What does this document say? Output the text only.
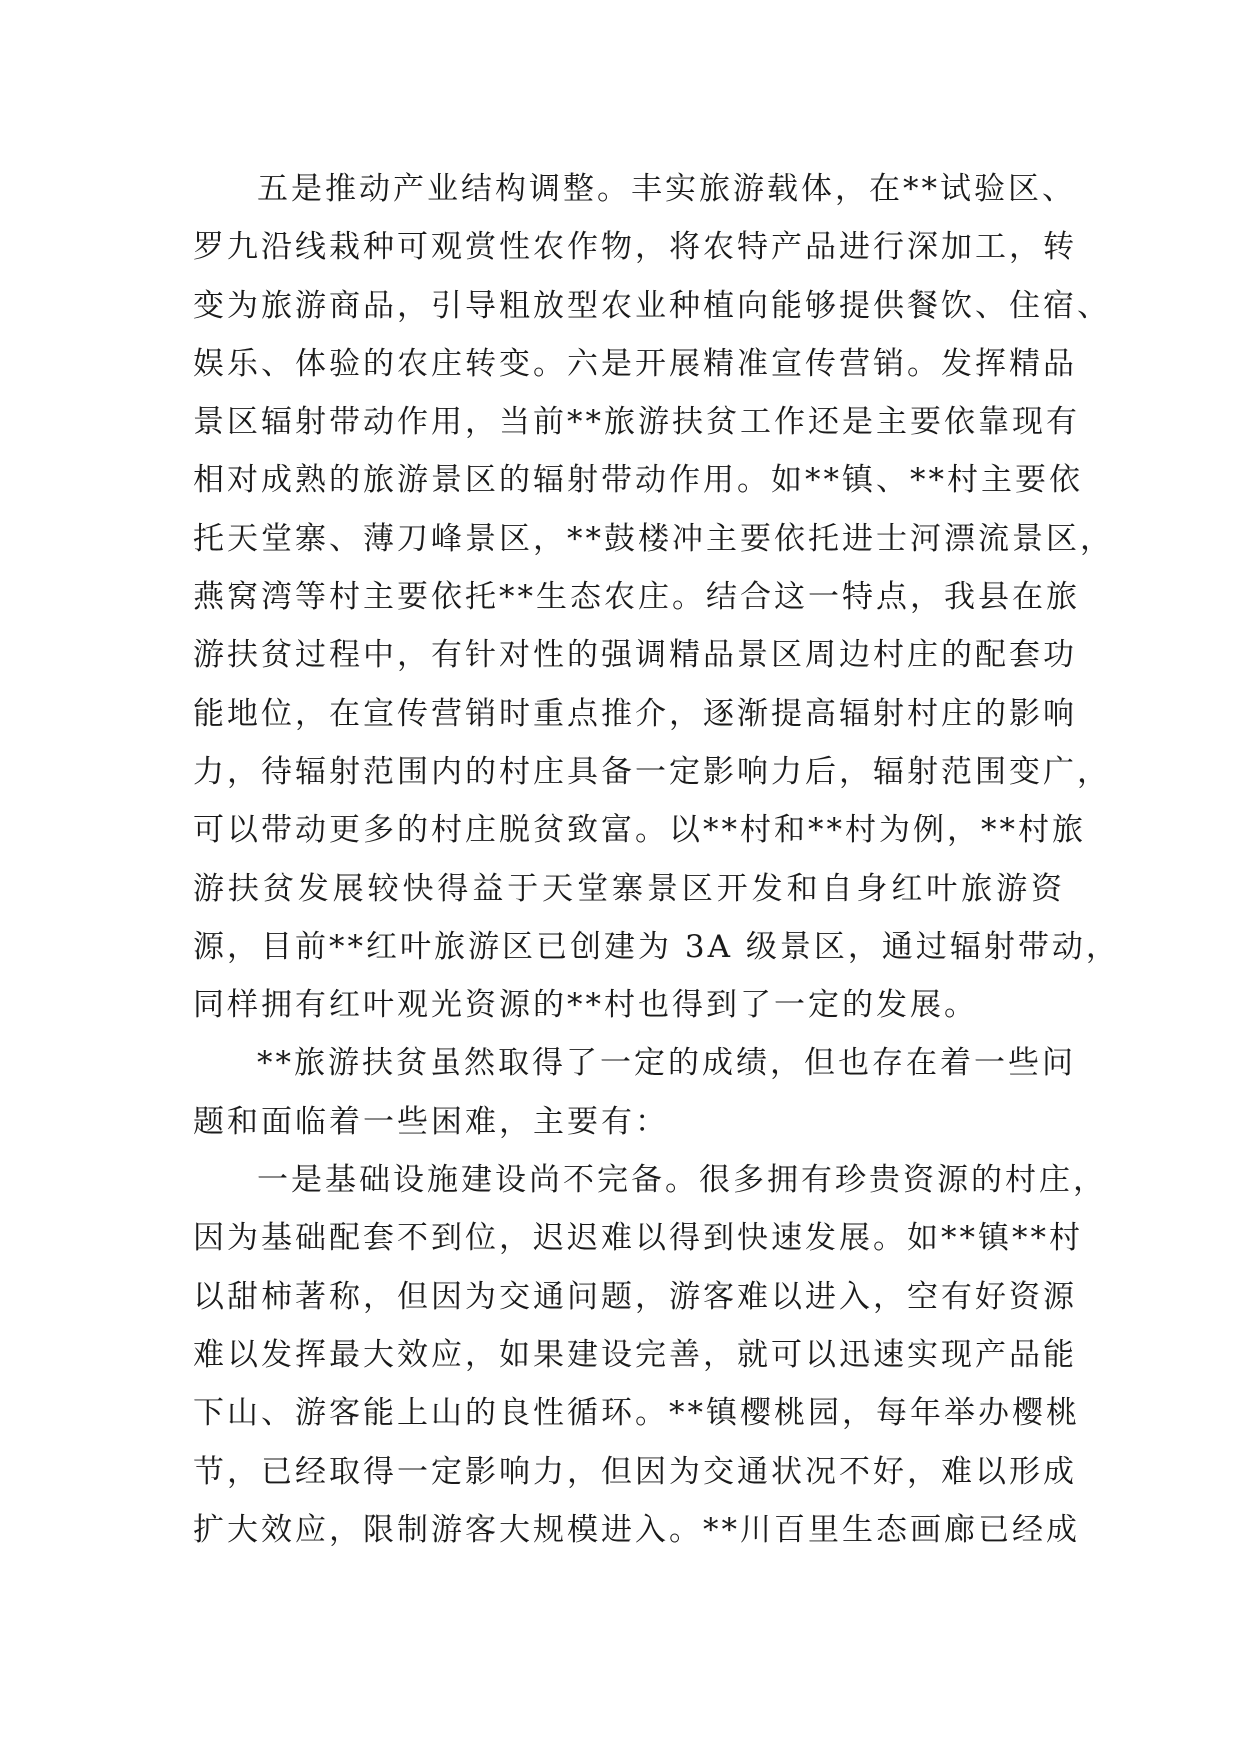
五是推动产业结构调整。丰实旅游载体，在**试验区、
罗九沿线栽种可观赏性农作物，将农特产品进行深加工，转
变为旅游商品，引导粗放型农业种植向能够提供餐饮、住宿、
娱乐、体验的农庄转变。六是开展精准宣传营销。发挥精品
景区辐射带动作用，当前**旅游扶贫工作还是主要依靠现有
相对成熟的旅游景区的辐射带动作用。如**镇、**村主要依
托天堂寨、薄刀峰景区，**鼓楼冲主要依托进士河漂流景区，
燕窝湾等村主要依托**生态农庄。结合这一特点，我县在旅
游扶贫过程中，有针对性的强调精品景区周边村庄的配套功
能地位，在宣传营销时重点推介，逐渐提高辐射村庄的影响
力，待辐射范围内的村庄具备一定影响力后，辐射范围变广，
可以带动更多的村庄脱贫致富。以**村和**村为例，**村旅
游扶贫发展较快得益于天堂寨景区开发和自身红叶旅游资
源，目前**红叶旅游区已创建为 3A 级景区，通过辐射带动，
同样拥有红叶观光资源的**村也得到了一定的发展。
**旅游扶贫虽然取得了一定的成绩，但也存在着一些问
题和面临着一些困难，主要有：
一是基础设施建设尚不完备。很多拥有珍贵资源的村庄，
因为基础配套不到位，迟迟难以得到快速发展。如**镇**村
以甜柿著称，但因为交通问题，游客难以进入，空有好资源
难以发挥最大效应，如果建设完善，就可以迅速实现产品能
下山、游客能上山的良性循环。**镇樱桃园，每年举办樱桃
节，已经取得一定影响力，但因为交通状况不好，难以形成
扩大效应，限制游客大规模进入。**川百里生态画廊已经成
